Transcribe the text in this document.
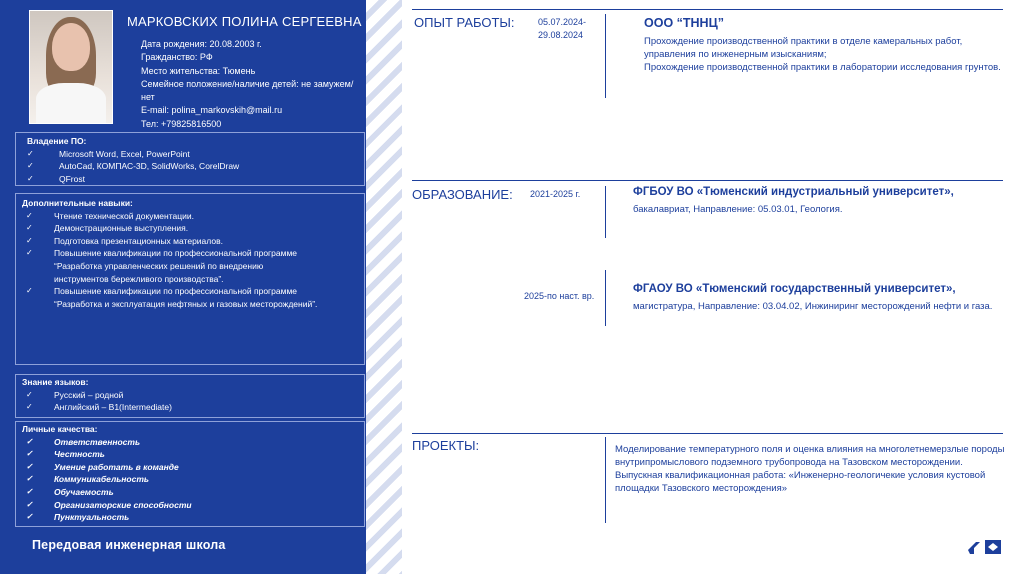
МАРКОВСКИХ ПОЛИНА СЕРГЕЕВНА
Дата рождения: 20.08.2003 г.
Гражданство: РФ
Место жительства: Тюмень
Семейное положение/наличие детей: не замужем/нет
E-mail: polina_markovskih@mail.ru
Тел: +79825816500
Владение ПО:
✓	Microsoft Word, Excel, PowerPoint
✓	AutoCad, КОМПАС-3D, SolidWorks, CorelDraw
✓	QFrost
Дополнительные навыки:
✓	Чтение технической документации.
✓	Демонстрационные выступления.
✓	Подготовка презентационных материалов.
✓	Повышение квалификации по профессиональной программе “Разработка управленческих решений по внедрению инструментов бережливого производства”.
✓	Повышение квалификации по профессиональной программе “Разработка и эксплуатация нефтяных и газовых месторождений”.
Знание языков:
✓	Русский – родной
✓	Английский – B1(Intermediate)
Личные качества:
✓	Ответственность
✓	Честность
✓	Умение работать в команде
✓	Коммуникабельность
✓	Обучаемость
✓	Организаторские способности
✓	Пунктуальность
Передовая инженерная школа
ОПЫТ РАБОТЫ:	05.07.2024-
29.08.2024
ООО “ТННЦ”
Прохождение производственной практики в отделе камеральных работ, управления по инженерным изысканиям;
Прохождение производственной практики в лаборатории исследования грунтов.
ОБРАЗОВАНИЕ: 2021-2025 г.	ФГБОУ ВО «Тюменский индустриальный университет»,
бакалавриат, Направление: 05.03.01, Геология.
2025-по наст. вр.
ФГАОУ ВО «Тюменский государственный университет»,
магистратура, Направление: 03.04.02, Инжиниринг месторождений нефти и газа.
ПРОЕКТЫ:	Моделирование температурного поля и оценка влияния на многолетнемерзлые породы внутрипромыслового подземного трубопровода на Тазовском месторождении.
Выпускная квалификационная работа: «Инженерно-геологичекие условия кустовой площадки Тазовского месторождения»
